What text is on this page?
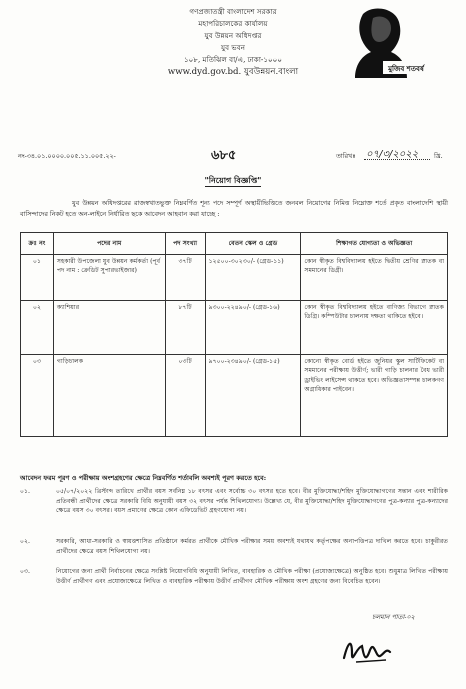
গণপ্রজাতন্ত্রী বাংলাদেশ সরকার
মহাপরিচালকের কার্যালয়
যুব উন্নয়ন অধিদপ্তর
যুব ভবন
১০৮, মতিঝিল বা/এ, ঢাকা-১০০০
www.dyd.gov.bd. যুবউন্নয়ন.বাংলা	মুজিব শতবর্ষ
নং-৩৪.০১.০০০০.০০৫.১১.০০৫.২২-	৬৮৫	তারিখঃ ০৭/৩/২০২২ খ্রি.
"নিয়োগ বিজ্ঞপ্তি"

যুব উন্নয়ন অধিদপ্তরের রাজস্বখাতভুক্ত নিম্নবর্ণিত শূন্য পদে সম্পূর্ণ অস্থায়ীভিত্তিতে জনবল নিয়োগের নিমিত্ত নিম্নোক্ত শর্তে প্রকৃত বাংলাদেশি স্থায়ী বাসিন্দাদের নিকট হতে অন-লাইনে নির্ধারিত ছকে আবেদন আহবান করা যাচ্ছে :

ক্রঃ নং	পদের নাম	পদ সংখ্যা	বেতন স্কেল ও গ্রেড	শিক্ষাগত যোগ্যতা ও অভিজ্ঞতা
০১	সহকারী উপজেলা যুব উন্নয়ন কর্মকর্তা (পূর্ব পদ নাম : ক্রেডিট সুপারভাইজার)	৩৭টি	১২৫০০-৩০২৩০/- (গ্রেড-১১)	কোন স্বীকৃত বিশ্ববিদ্যালয় হইতে দ্বিতীয় শ্রেণির স্নাতক বা সমমানের ডিগ্রী।
০২	ক্যাশিয়ার	৮৭টি	৯৩০০-২২৪৯০/- (গ্রেড-১৬)	কোন স্বীকৃত বিশ্ববিদ্যালয় হইতে বাণিজ্য বিভাগে স্নাতক ডিগ্রি। কম্পিউটার চালনায় দক্ষতা থাকিতে হইবে।
০৩	গাড়িচালক	০৩টি	৯৭০০-২৩৪৯০/- (গ্রেড-১৫)	কোনো স্বীকৃত বোর্ড হইতে জুনিয়র স্কুল সার্টিফিকেট বা সমমানের পরীক্ষায় উত্তীর্ণ; ভারী গাড়ি চালনার বৈধ ভারী ড্রাইভিং লাইসেন্স থাকতে হবে। অভিজ্ঞতাসম্পন্ন চালকগণ অগ্রাধিকার পাইবেন।
আবেদন ফরম পূরণ ও পরীক্ষায় অংশগ্রহণের ক্ষেত্রে নিম্নবর্ণিত শর্তাবলি অবশ্যই পূরণ করতে হবে:
০১.	০৫/০৭/২০২২ খ্রিস্টাব্দ তারিখে প্রার্থীর বয়স সর্বনিম্ন ১৮ বৎসর এবং সর্বোচ্চ ৩০ বৎসর হতে হবে। বীর মুক্তিযোদ্ধা/শহিদ মুক্তিযোদ্ধাগণের সন্তান এবং শারীরিক প্রতিবন্ধী প্রার্থীদের ক্ষেত্রে সরকারি বিধি অনুযায়ী বয়স ৩২ বৎসর পর্যন্ত শিথিলযোগ্য। উল্লেখ্য যে, বীর মুক্তিযোদ্ধা/শহিদ মুক্তিযোদ্ধাগণের পুত্র-কন্যার পুত্র-কন্যাদের ক্ষেত্রে বয়স ৩০ বৎসর। বয়স প্রমাণের ক্ষেত্রে কোন এফিডেভিট গ্রহণযোগ্য নয়।
০২.	সরকারি, আধা-সরকারি ও স্বায়ত্তশাসিত প্রতিষ্ঠানে কর্মরত প্রার্থীকে মৌখিক পরীক্ষার সময় অবশ্যই যথাযথ কর্তৃপক্ষের অনাপত্তিপত্র দাখিল করতে হবে। চাকুরীরত প্রার্থীদের ক্ষেত্রে বয়স শিথিলযোগ্য নয়।
০৩.	নিয়োগের জন্য প্রার্থী নির্বাচনের ক্ষেত্রে সংশ্লিষ্ট নিয়োগবিধি অনুযায়ী লিখিত, ব্যবহারিক ও মৌখিক পরীক্ষা (প্রযোজ্যক্ষেত্রে) অনুষ্ঠিত হবে। শুধুমাত্র লিখিত পরীক্ষায় উত্তীর্ণ প্রার্থীগণ এবং প্রযোজ্যক্ষেত্রে লিখিত ও ব্যবহারিক পরীক্ষায় উত্তীর্ণ প্রার্থীগণ মৌখিক পরীক্ষায় অংশ গ্রহণের জন্য বিবেচিত হবেন।
চলমান পাতা-০২
